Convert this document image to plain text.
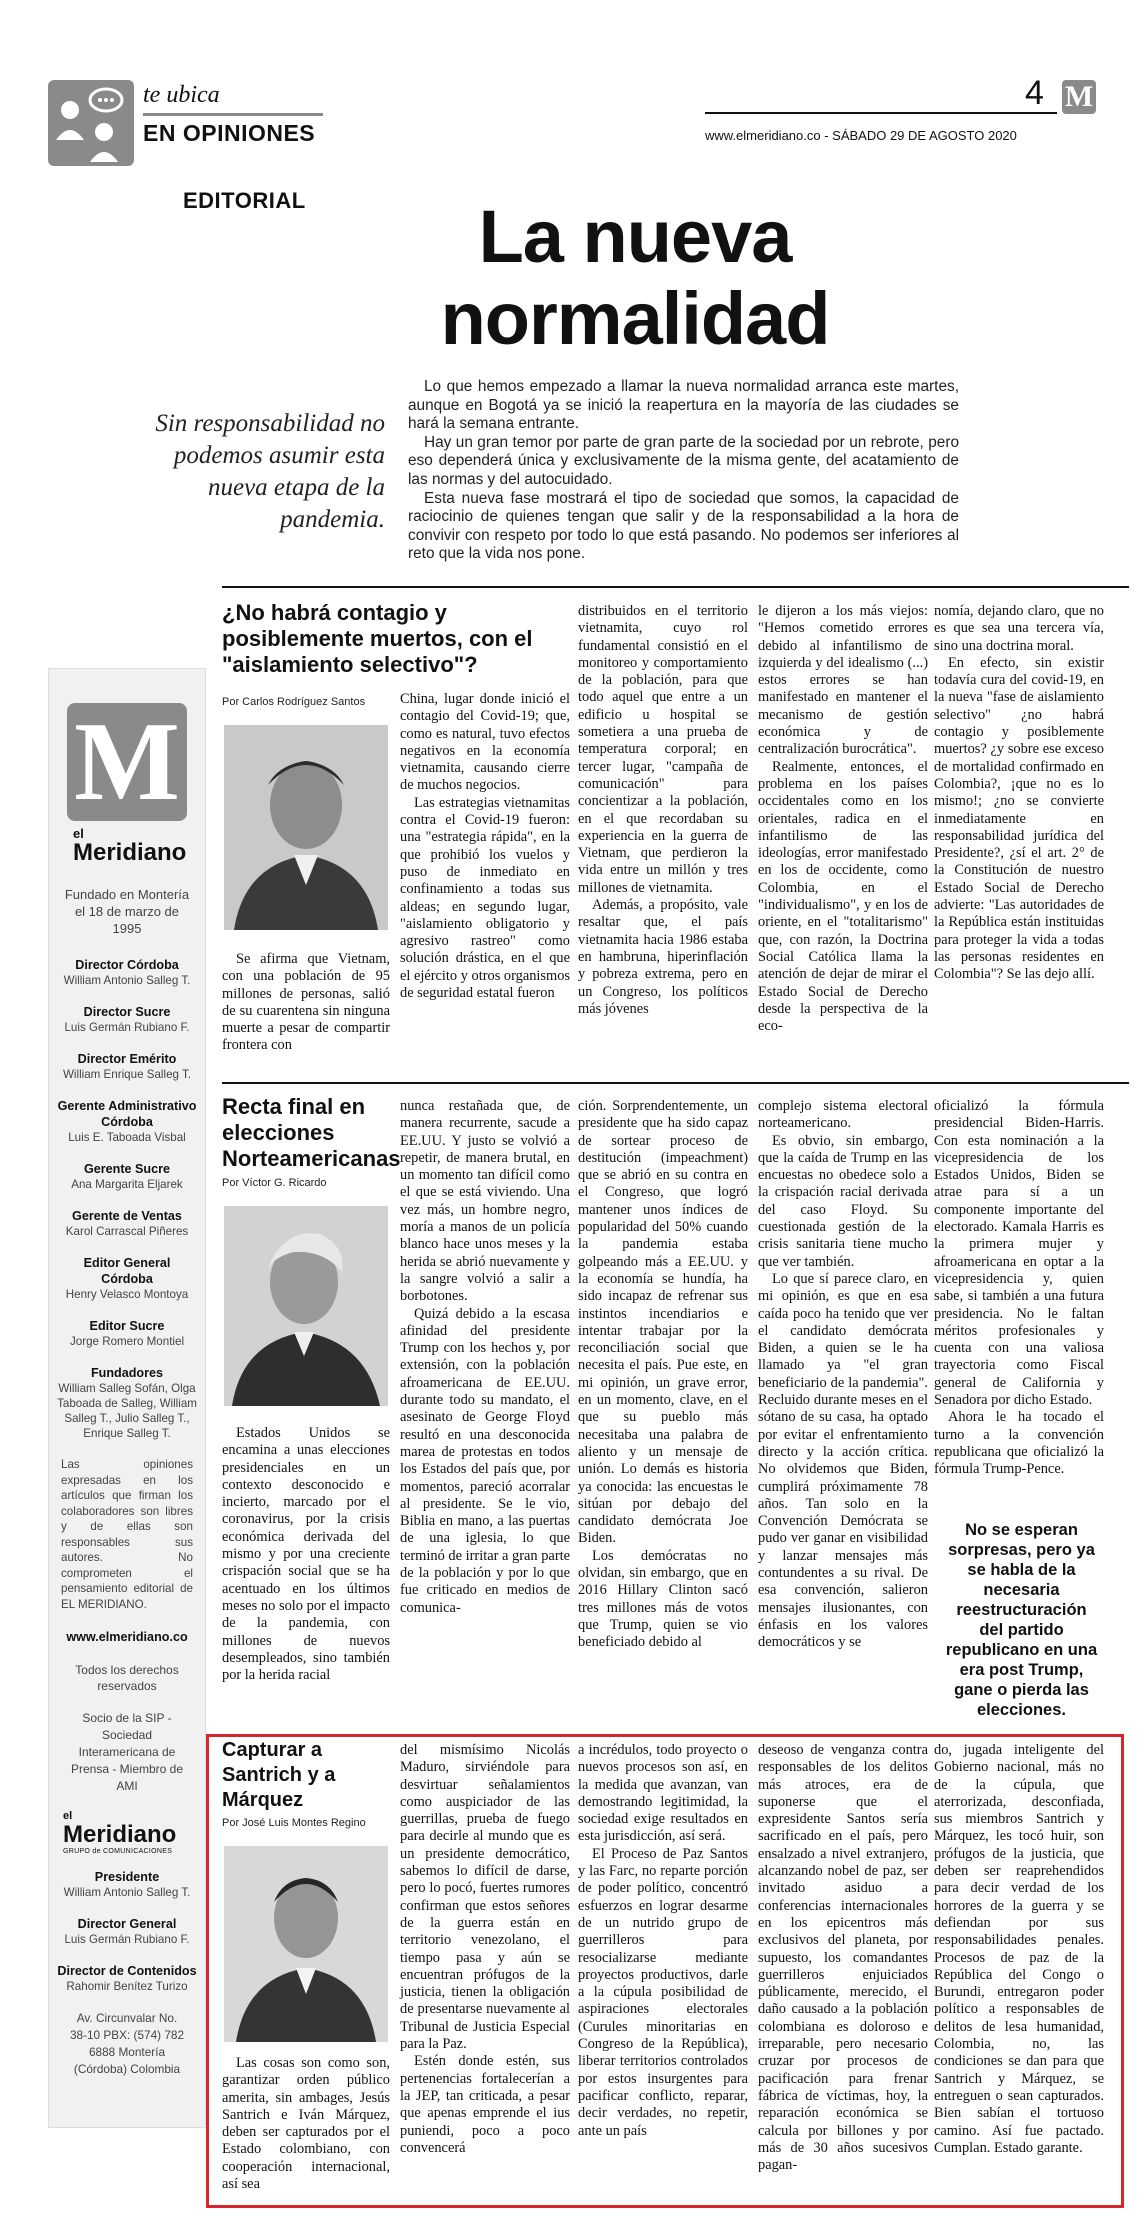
te ubica
EN OPINIONES
4 M
www.elmeridiano.co - SÁBADO 29 DE AGOSTO 2020
EDITORIAL	La nueva
normalidad
Sin responsabilidad no podemos asumir esta nueva etapa de la pandemia.

Lo que hemos empezado a llamar la nueva normalidad arranca este martes, aunque en Bogotá ya se inició la reapertura en la mayoría de las ciudades se hará la semana entrante.

Hay un gran temor por parte de gran parte de la sociedad por un rebrote, pero eso dependerá única y exclusivamente de la misma gente, del acatamiento de las normas y del autocuidado.

Esta nueva fase mostrará el tipo de sociedad que somos, la capacidad de raciocinio de quienes tengan que salir y de la responsabilidad a la hora de convivir con respeto por todo lo que está pasando. No podemos ser inferiores al reto que la vida nos pone.

M
el
Meridiano
Fundado en Montería el 18 de marzo de 1995
Director Córdoba
William Antonio Salleg T.
Director Sucre
Luis Germán Rubiano F.
Director Emérito
William Enrique Salleg T.
Gerente Administrativo Córdoba
Luis E. Taboada Visbal
Gerente Sucre
Ana Margarita Eljarek
Gerente de Ventas
Karol Carrascal Piñeres
Editor General Córdoba
Henry Velasco Montoya
Editor Sucre
Jorge Romero Montiel
Fundadores
William Salleg Sofán, Olga Taboada de Salleg, William Salleg T., Julio Salleg T., Enrique Salleg T.
Las opiniones expresadas en los artículos que firman los colaboradores son libres y de ellas son responsables sus autores. No comprometen el pensamiento editorial de EL MERIDIANO.
www.elmeridiano.co
Todos los derechos reservados
Socio de la SIP - Sociedad Interamericana de Prensa - Miembro de AMI
el
Meridiano
GRUPO de COMUNICACIONES
Presidente
William Antonio Salleg T.
Director General
Luis Germán Rubiano F.
Director de Contenidos
Rahomir Benítez Turizo
Av. Circunvalar No. 38-10 PBX: (574) 782 6888 Montería (Córdoba) Colombia
¿No habrá contagio y posiblemente muertos, con el "aislamiento selectivo"?
Por Carlos Rodríguez Santos

Se afirma que Vietnam, con una población de 95 millones de personas, salió de su cuarentena sin ninguna muerte a pesar de compartir frontera con

China, lugar donde inició el contagio del Covid-19; que, como es natural, tuvo efectos negativos en la economía vietnamita, causando cierre de muchos negocios.

Las estrategias vietnamitas contra el Covid-19 fueron: una "estrategia rápida", en la que prohibió los vuelos y puso de inmediato en confinamiento a todas sus aldeas; en segundo lugar, "aislamiento obligatorio y agresivo rastreo" como solución drástica, en el que el ejército y otros organismos de seguridad estatal fueron

distribuidos en el territorio vietnamita, cuyo rol fundamental consistió en el monitoreo y comportamiento de la población, para que todo aquel que entre a un edificio u hospital se sometiera a una prueba de temperatura corporal; en tercer lugar, "campaña de comunicación" para concientizar a la población, en el que recordaban su experiencia en la guerra de Vietnam, que perdieron la vida entre un millón y tres millones de vietnamita.

Además, a propósito, vale resaltar que, el país vietnamita hacia 1986 estaba en hambruna, hiperinflación y pobreza extrema, pero en un Congreso, los políticos más jóvenes

le dijeron a los más viejos: "Hemos cometido errores debido al infantilismo de izquierda y del idealismo (...) estos errores se han manifestado en mantener el mecanismo de gestión económica y de centralización burocrática".

Realmente, entonces, el problema en los países occidentales como en los orientales, radica en el infantilismo de las ideologías, error manifestado en los de occidente, como Colombia, en el "individualismo", y en los de oriente, en el "totalitarismo" que, con razón, la Doctrina Social Católica llama la atención de dejar de mirar el Estado Social de Derecho desde la perspectiva de la eco-

nomía, dejando claro, que no es que sea una tercera vía, sino una doctrina moral.

En efecto, sin existir todavía cura del covid-19, en la nueva "fase de aislamiento selectivo" ¿no habrá contagio y posiblemente muertos? ¿y sobre ese exceso de mortalidad confirmado en Colombia?, ¡que no es lo mismo!; ¿no se convierte inmediatamente en responsabilidad jurídica del Presidente?, ¿sí el art. 2° de la Constitución de nuestro Estado Social de Derecho advierte: "Las autoridades de la República están instituidas para proteger la vida a todas las personas residentes en Colombia"? Se las dejo allí.

Recta final en elecciones Norteamericanas
Por Víctor G. Ricardo

Estados Unidos se encamina a unas elecciones presidenciales en un contexto desconocido e incierto, marcado por el coronavirus, por la crisis económica derivada del mismo y por una creciente crispación social que se ha acentuado en los últimos meses no solo por el impacto de la pandemia, con millones de nuevos desempleados, sino también por la herida racial

nunca restañada que, de manera recurrente, sacude a EE.UU. Y justo se volvió a repetir, de manera brutal, en un momento tan difícil como el que se está viviendo. Una vez más, un hombre negro, moría a manos de un policía blanco hace unos meses y la herida se abrió nuevamente y la sangre volvió a salir a borbotones.

Quizá debido a la escasa afinidad del presidente Trump con los hechos y, por extensión, con la población afroamericana de EE.UU. durante todo su mandato, el asesinato de George Floyd resultó en una desconocida marea de protestas en todos los Estados del país que, por momentos, pareció acorralar al presidente. Se le vio, Biblia en mano, a las puertas de una iglesia, lo que terminó de irritar a gran parte de la población y por lo que fue criticado en medios de comunica-

ción. Sorprendentemente, un presidente que ha sido capaz de sortear proceso de destitución (impeachment) que se abrió en su contra en el Congreso, que logró mantener unos índices de popularidad del 50% cuando la pandemia estaba golpeando más a EE.UU. y la economía se hundía, ha sido incapaz de refrenar sus instintos incendiarios e intentar trabajar por la reconciliación social que necesita el país. Pue este, en mi opinión, un grave error, en un momento, clave, en el que su pueblo más necesitaba una palabra de aliento y un mensaje de unión. Lo demás es historia ya conocida: las encuestas le sitúan por debajo del candidato demócrata Joe Biden.

Los demócratas no olvidan, sin embargo, que en 2016 Hillary Clinton sacó tres millones más de votos que Trump, quien se vio beneficiado debido al

complejo sistema electoral norteamericano.

Es obvio, sin embargo, que la caída de Trump en las encuestas no obedece solo a la crispación racial derivada del caso Floyd. Su cuestionada gestión de la crisis sanitaria tiene mucho que ver también.

Lo que sí parece claro, en mi opinión, es que en esa caída poco ha tenido que ver el candidato demócrata Biden, a quien se le ha llamado ya "el gran beneficiario de la pandemia". Recluido durante meses en el sótano de su casa, ha optado por evitar el enfrentamiento directo y la acción crítica. No olvidemos que Biden, cumplirá próximamente 78 años. Tan solo en la Convención Demócrata se pudo ver ganar en visibilidad y lanzar mensajes más contundentes a su rival. De esa convención, salieron mensajes ilusionantes, con énfasis en los valores democráticos y se

oficializó la fórmula presidencial Biden-Harris. Con esta nominación a la vicepresidencia de los Estados Unidos, Biden se atrae para sí a un componente importante del electorado. Kamala Harris es la primera mujer y afroamericana en optar a la vicepresidencia y, quien sabe, si también a una futura presidencia. No le faltan méritos profesionales y cuenta con una valiosa trayectoria como Fiscal general de California y Senadora por dicho Estado.

Ahora le ha tocado el turno a la convención republicana que oficializó la fórmula Trump-Pence.

No se esperan sorpresas, pero ya se habla de la necesaria reestructuración del partido republicano en una era post Trump, gane o pierda las elecciones.
Capturar a Santrich y a Márquez
Por José Luis Montes Regino

Las cosas son como son, garantizar orden público amerita, sin ambages, Jesús Santrich e Iván Márquez, deben ser capturados por el Estado colombiano, con cooperación internacional, así sea

del mismísimo Nicolás Maduro, sirviéndole para desvirtuar señalamientos como auspiciador de las guerrillas, prueba de fuego para decirle al mundo que es un presidente democrático, sabemos lo difícil de darse, pero lo pocó, fuertes rumores confirman que estos señores de la guerra están en territorio venezolano, el tiempo pasa y aún se encuentran prófugos de la justicia, tienen la obligación de presentarse nuevamente al Tribunal de Justicia Especial para la Paz.

Estén donde estén, sus pertenencias fortalecerían a la JEP, tan criticada, a pesar que apenas emprende el ius puniendi, poco a poco convencerá

a incrédulos, todo proyecto o nuevos procesos son así, en la medida que avanzan, van demostrando legitimidad, la sociedad exige resultados en esta jurisdicción, así será.

El Proceso de Paz Santos y las Farc, no reparte porción de poder político, concentró esfuerzos en lograr desarme de un nutrido grupo de guerrilleros para resocializarse mediante proyectos productivos, darle a la cúpula posibilidad de aspiraciones electorales (Curules minoritarias en Congreso de la República), liberar territorios controlados por estos insurgentes para pacificar conflicto, reparar, decir verdades, no repetir, ante un país

deseoso de venganza contra responsables de los delitos más atroces, era de suponerse que el expresidente Santos sería sacrificado en el país, pero ensalzado a nivel extranjero, alcanzando nobel de paz, ser invitado asiduo a conferencias internacionales en los epicentros más exclusivos del planeta, por supuesto, los comandantes guerrilleros enjuiciados públicamente, merecido, el daño causado a la población colombiana es doloroso e irreparable, pero necesario cruzar por procesos de pacificación para frenar fábrica de víctimas, hoy, la reparación económica se calcula por billones y por más de 30 años sucesivos pagan-

do, jugada inteligente del Gobierno nacional, más no de la cúpula, que aterrorizada, desconfiada, sus miembros Santrich y Márquez, les tocó huir, son prófugos de la justicia, que deben ser reaprehendidos para decir verdad de los horrores de la guerra y se defiendan por sus responsabilidades penales. Procesos de paz de la República del Congo o Burundi, entregaron poder político a responsables de delitos de lesa humanidad, Colombia, no, las condiciones se dan para que Santrich y Márquez, se entreguen o sean capturados. Bien sabían el tortuoso camino. Así fue pactado. Cumplan. Estado garante.
